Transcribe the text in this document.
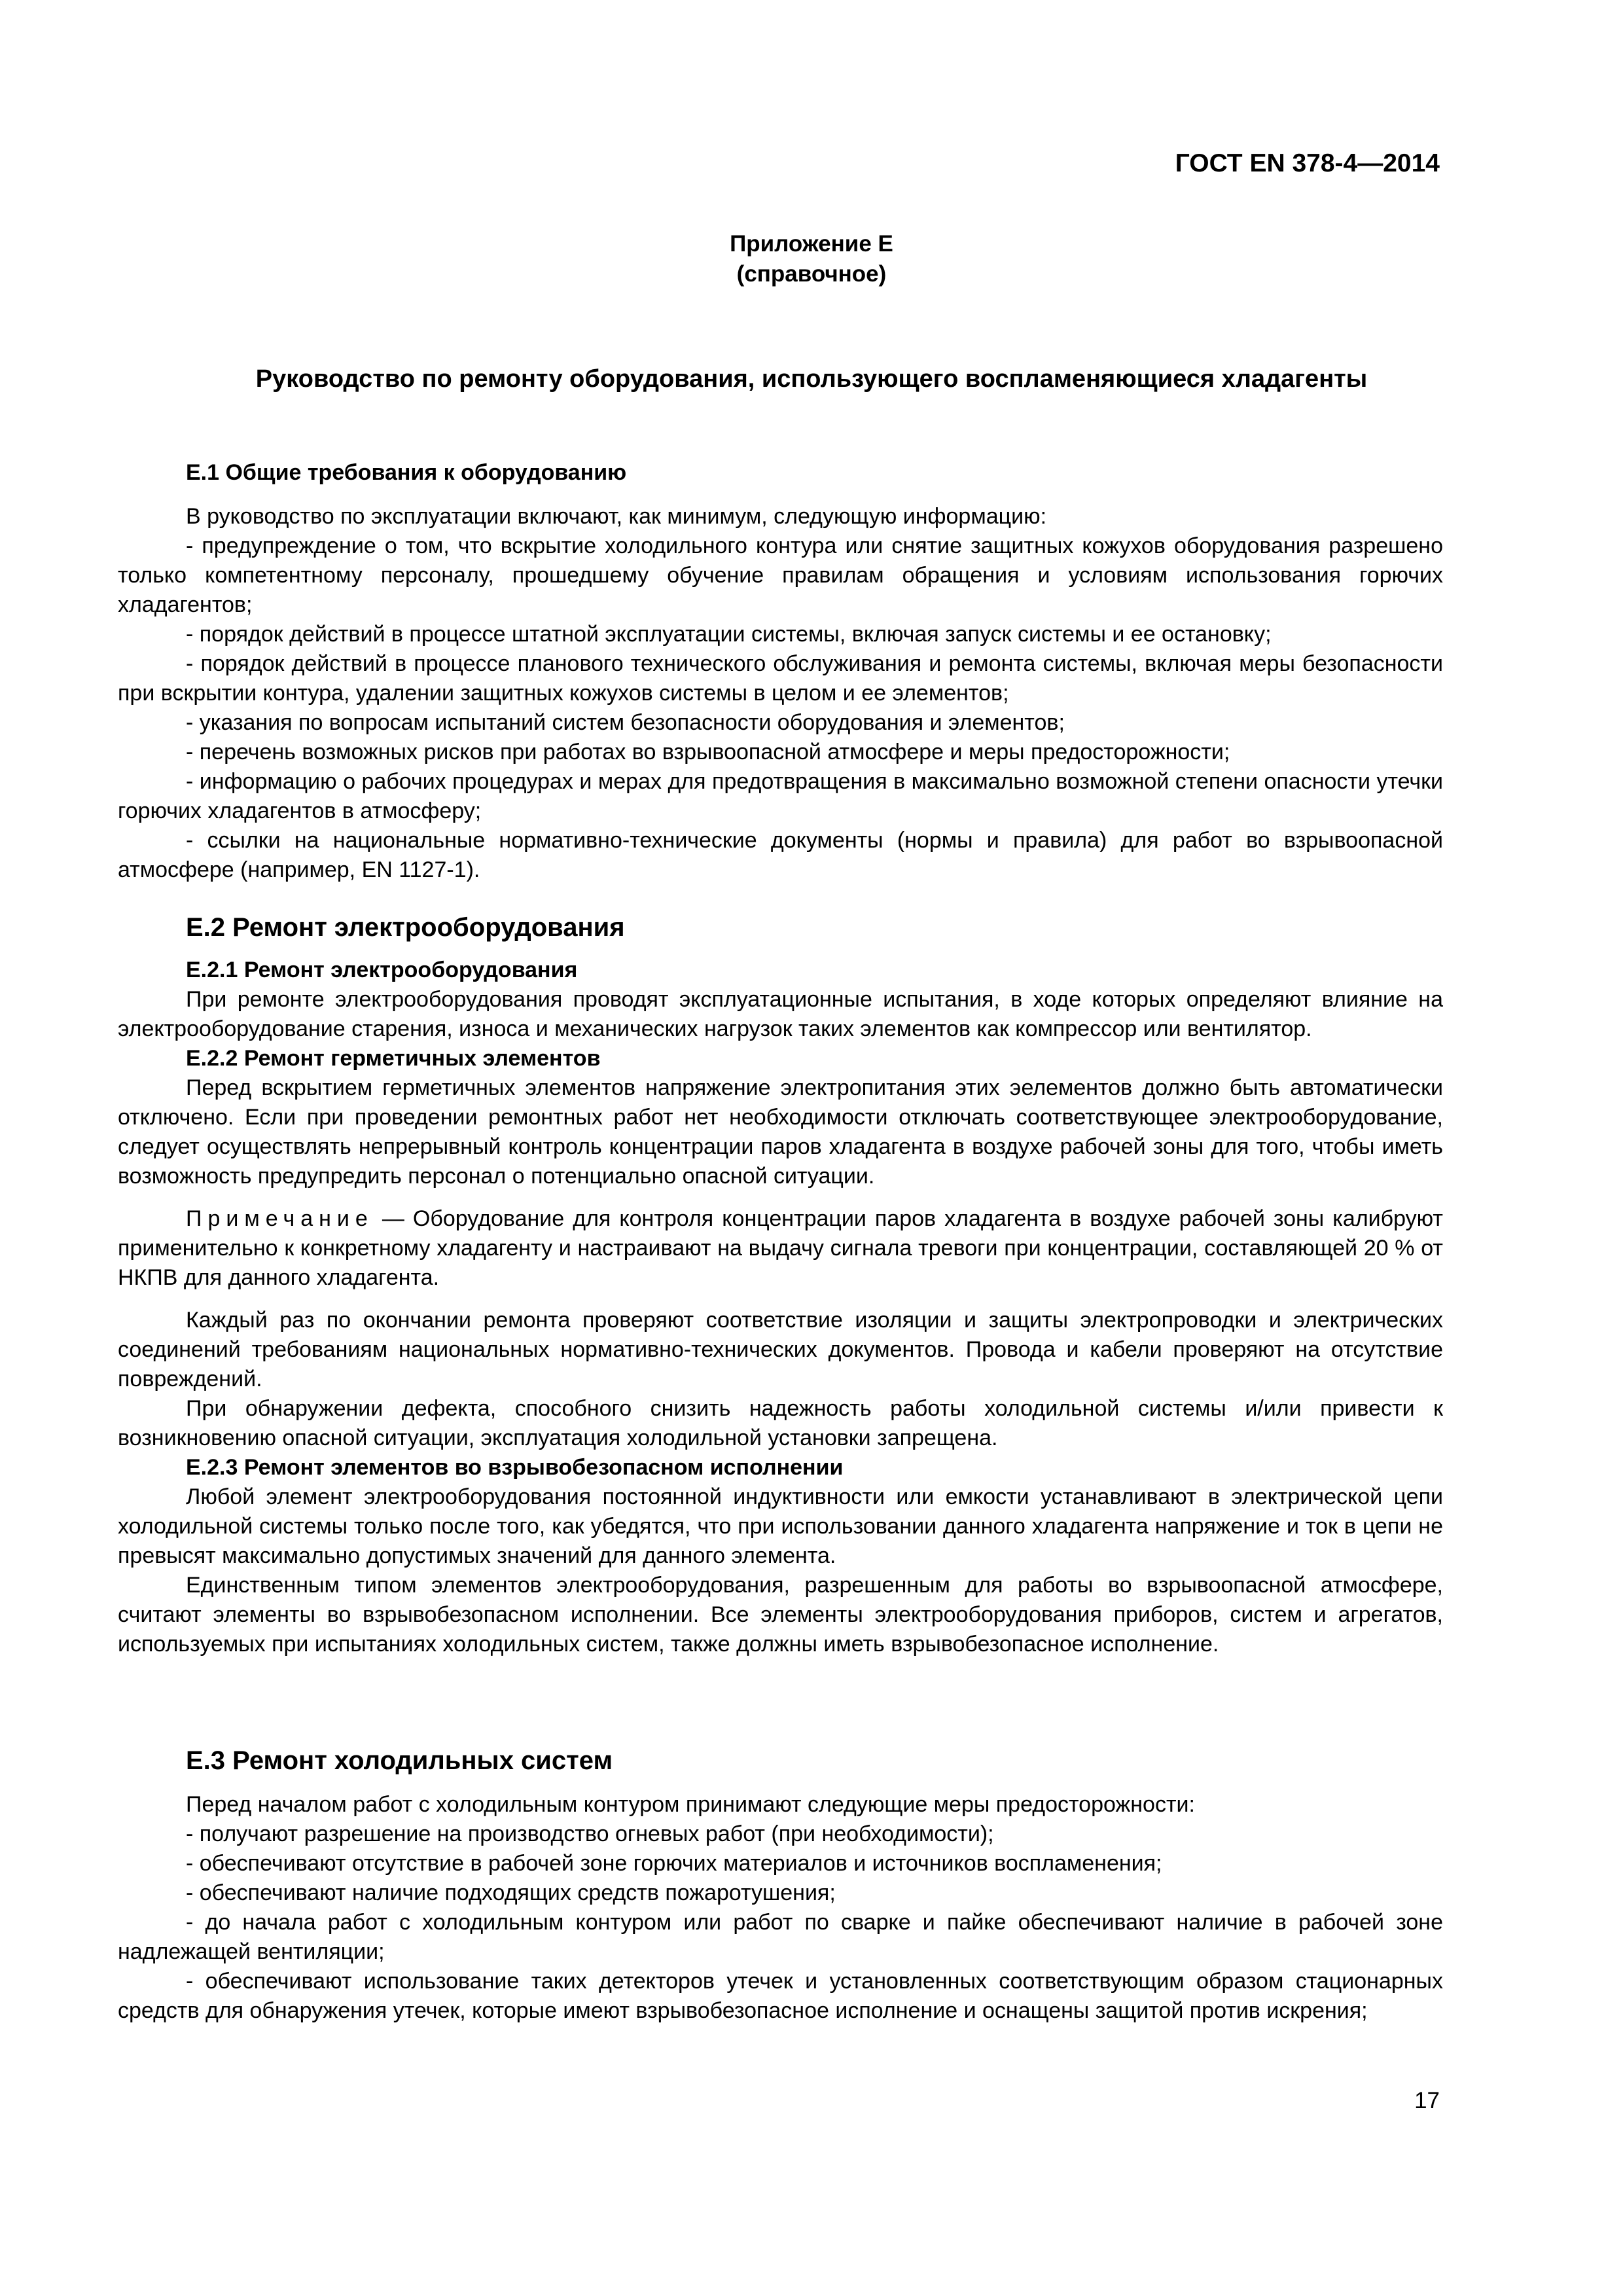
ГОСТ EN 378-4—2014
Приложение Е
(справочное)
Руководство по ремонту оборудования, использующего воспламеняющиеся хладагенты
Е.1 Общие требования к оборудованию

В руководство по эксплуатации включают, как минимум, следующую информацию:

- предупреждение о том, что вскрытие холодильного контура или снятие защитных кожухов оборудования разрешено только компетентному персоналу, прошедшему обучение правилам обращения и условиям использования горючих хладагентов;

- порядок действий в процессе штатной эксплуатации системы, включая запуск системы и ее остановку;

- порядок действий в процессе планового технического обслуживания и ремонта системы, включая меры безопасности при вскрытии контура, удалении защитных кожухов системы в целом и ее элементов;

- указания по вопросам испытаний систем безопасности оборудования и элементов;

- перечень возможных рисков при работах во взрывоопасной атмосфере и меры предосторожности;

- информацию о рабочих процедурах и мерах для предотвращения в максимально возможной степени опасности утечки горючих хладагентов в атмосферу;

- ссылки на национальные нормативно-технические документы (нормы и правила) для работ во взрывоопасной атмосфере (например, EN 1127-1).

Е.2 Ремонт электрооборудования
Е.2.1 Ремонт электрооборудования

При ремонте электрооборудования проводят эксплуатационные испытания, в ходе которых определяют влияние на электрооборудование старения, износа и механических нагрузок таких элементов как компрессор или вентилятор.

Е.2.2 Ремонт герметичных элементов

Перед вскрытием герметичных элементов напряжение электропитания этих эелементов должно быть автоматически отключено. Если при проведении ремонтных работ нет необходимости отключать соответствующее электрооборудование, следует осуществлять непрерывный контроль концентрации паров хладагента в воздухе рабочей зоны для того, чтобы иметь возможность предупредить персонал о потенциально опасной ситуации.

Примечание — Оборудование для контроля концентрации паров хладагента в воздухе рабочей зоны калибруют применительно к конкретному хладагенту и настраивают на выдачу сигнала тревоги при концентрации, составляющей 20 % от НКПВ для данного хладагента.

Каждый раз по окончании ремонта проверяют соответствие изоляции и защиты электропроводки и электрических соединений требованиям национальных нормативно-технических документов. Провода и кабели проверяют на отсутствие повреждений.

При обнаружении дефекта, способного снизить надежность работы холодильной системы и/или привести к возникновению опасной ситуации, эксплуатация холодильной установки запрещена.

Е.2.3 Ремонт элементов во взрывобезопасном исполнении

Любой элемент электрооборудования постоянной индуктивности или емкости устанавливают в электрической цепи холодильной системы только после того, как убедятся, что при использовании данного хладагента напряжение и ток в цепи не превысят максимально допустимых значений для данного элемента.

Единственным типом элементов электрооборудования, разрешенным для работы во взрывоопасной атмосфере, считают элементы во взрывобезопасном исполнении. Все элементы электрооборудования приборов, систем и агрегатов, используемых при испытаниях холодильных систем, также должны иметь взрывобезопасное исполнение.

Е.3 Ремонт холодильных систем

Перед началом работ с холодильным контуром принимают следующие меры предосторожности:

- получают разрешение на производство огневых работ (при необходимости);

- обеспечивают отсутствие в рабочей зоне горючих материалов и источников воспламенения;

- обеспечивают наличие подходящих средств пожаротушения;

- до начала работ с холодильным контуром или работ по сварке и пайке обеспечивают наличие в рабочей зоне надлежащей вентиляции;

- обеспечивают использование таких детекторов утечек и установленных соответствующим образом стационарных средств для обнаружения утечек, которые имеют взрывобезопасное исполнение и оснащены защитой против искрения;

17
